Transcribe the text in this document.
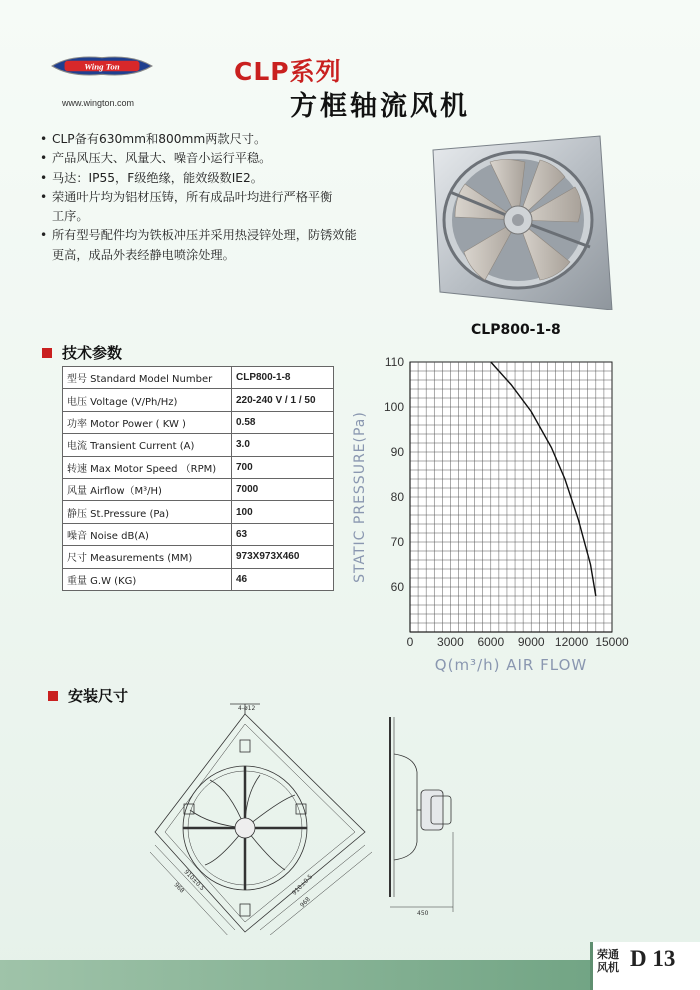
Wing Ton
www.wington.com
CLP系列
方框轴流风机
• CLP备有630mm和800mm两款尺寸。
• 产品风压大、风量大、噪音小运行平稳。
• 马达：IP55，F级绝缘，能效级数IE2。
• 荣通叶片均为铝材压铸，所有成品叶均进行严格平衡工序。
• 所有型号配件均为铁板冲压并采用热浸锌处理，防锈效能更高，成品外表经静电喷涂处理。
CLP800-1-8
技术参数
型号 Standard Model Number	CLP800-1-8
电压 Voltage (V/Ph/Hz)	220-240 V / 1 / 50
功率 Motor Power ( KW )	0.58
电流 Transient Current (A)	3.0
转速 Max Motor Speed （RPM)	700
风量 Airflow（M³/H)	7000
静压 St.Pressure (Pa)	100
噪音 Noise dB(A)	63
尺寸 Measurements (MM)	973X973X460
重量 G.W (KG)	46
60
70
80
90
100
110
0 3000 6000 9000 12000 15000
STATIC PRESSURE(Pa)
Q(m³/h) AIR FLOW
安装尺寸
4-ø12
910±0.5
968	910±0.5
968
450
荣通
风机 D 13
